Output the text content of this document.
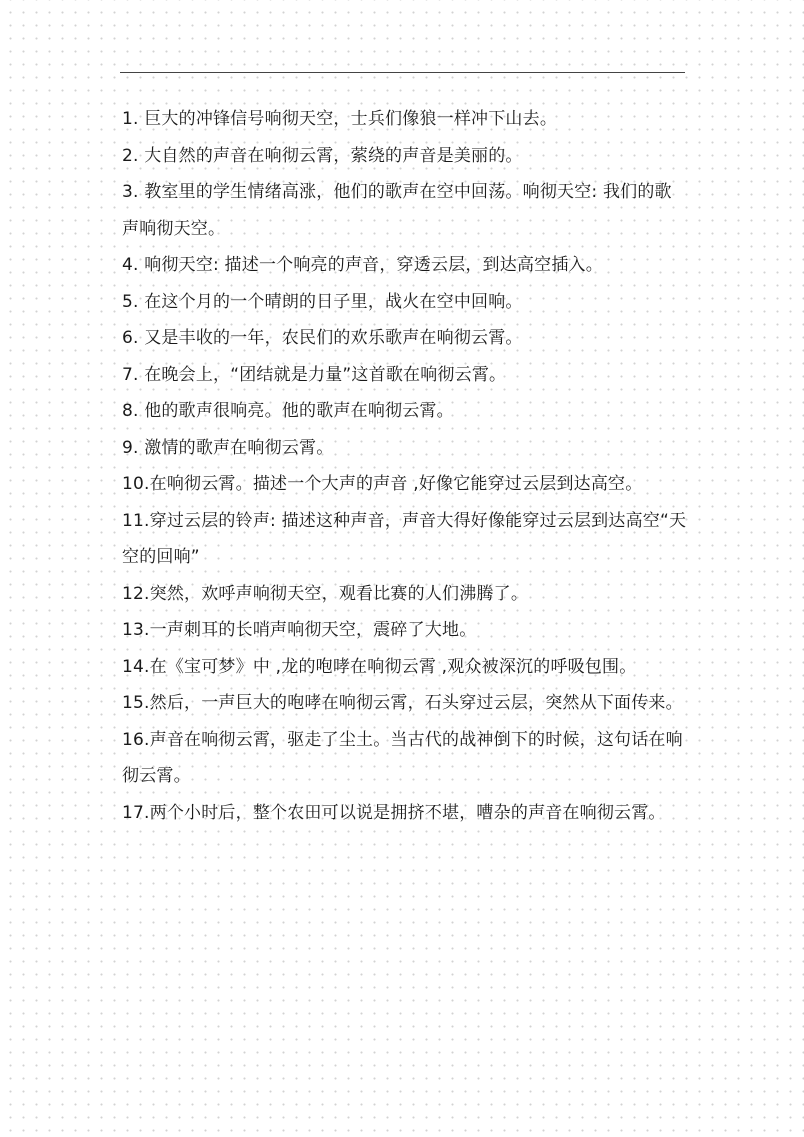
1. 巨大的冲锋信号响彻天空，士兵们像狼一样冲下山去。

2. 大自然的声音在响彻云霄，萦绕的声音是美丽的。

3. 教室里的学生情绪高涨，他们的歌声在空中回荡。响彻天空: 我们的歌声响彻天空。

4. 响彻天空: 描述一个响亮的声音，穿透云层，到达高空插入。

5. 在这个月的一个晴朗的日子里，战火在空中回响。

6. 又是丰收的一年，农民们的欢乐歌声在响彻云霄。

7. 在晚会上，“团结就是力量”这首歌在响彻云霄。

8. 他的歌声很响亮。他的歌声在响彻云霄。

9. 激情的歌声在响彻云霄。

10.在响彻云霄。描述一个大声的声音 ,好像它能穿过云层到达高空。

11.穿过云层的铃声: 描述这种声音，声音大得好像能穿过云层到达高空“天空的回响”

12.突然，欢呼声响彻天空，观看比赛的人们沸腾了。

13.一声刺耳的长哨声响彻天空，震碎了大地。

14.在《宝可梦》中 ,龙的咆哮在响彻云霄 ,观众被深沉的呼吸包围。

15.然后，一声巨大的咆哮在响彻云霄，石头穿过云层，突然从下面传来。

16.声音在响彻云霄，驱走了尘土。当古代的战神倒下的时候，这句话在响彻云霄。

17.两个小时后，整个农田可以说是拥挤不堪，嘈杂的声音在响彻云霄。
